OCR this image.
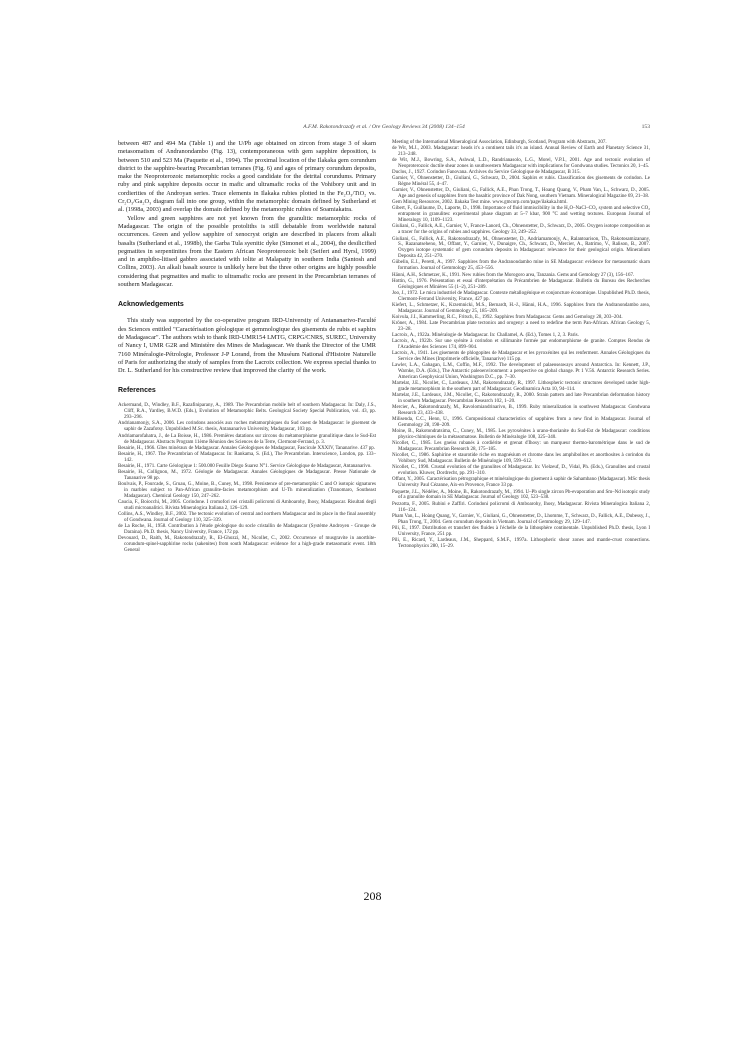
A.F.M. Rakotondrazafy et al. / Ore Geology Reviews 34 (2008) 134–154	153

between 487 and 494 Ma (Table 1) and the U/Pb age obtained on zircon from stage 3 of skarn metasomatism of Andranondambo (Fig. 13), contemporaneous with gem sapphire deposition, is between 510 and 523 Ma (Paquette et al., 1994). The proximal location of the Ilakaka gem corundum district to the sapphire-bearing Precambrian terranes (Fig. 6) and ages of primary corundum deposits, make the Neoproterozoic metamorphic rocks a good candidate for the detrital corundums. Primary ruby and pink sapphire deposits occur in mafic and ultramafic rocks of the Vohibory unit and in cordierities of the Androyan series. Trace elements in Ilakaka rubies plotted in the Fe₂O₃/TiO₂ vs. Cr₂O₃/Ga₂O₃ diagram fall into one group, within the metamorphic domain defined by Sutherland et al. (1998a, 2003) and overlap the domain defined by the metamorphic rubies of Soamiakatra.

Yellow and green sapphires are not yet known from the granulitic metamorphic rocks of Madagascar. The origin of the possible protoliths is still debatable from worldwide natural occurrences. Green and yellow sapphire of xenocryst origin are described in placers from alkali basalts (Sutherland et al., 1998b), the Garba Tula syenitic dyke (Simonet et al., 2004), the desilicified pegmatites in serpentinites from the Eastern African Neoproterozoic belt (Seifert and Hyrsl, 1999) and in amphibo-litised gabbro associated with iolite at Malapatty in southern India (Santosh and Collins, 2003). An alkali basalt source is unlikely here but the three other origins are highly possible considering that pegmatites and mafic to ultramafic rocks are present in the Precambrian terranes of southern Madagascar.

Acknowledgements

This study was supported by the co-operative program IRD-University of Antananarivo-Faculté des Sciences entitled "Caractérisation géologique et gemmologique des gisements de rubis et saphirs de Madagascar". The authors wish to thank IRD-UMR154 LMTG, CRPG/CNRS, SUREC, University of Nancy I, UMR G2R and Ministère des Mines de Madagascar. We thank the Director of the UMR 7160 Minéralogie-Pétrologie, Professor J-P Lorand, from the Muséum National d'Histoire Naturelle of Paris for authorizing the study of samples from the Lacroix collection. We express special thanks to Dr. L. Sutherland for his constructive review that improved the clarity of the work.

References

Ackermand, D., Windley, B.F., Razafiniparany, A., 1989. The Precambrian mobile belt of southern Madagascar. In: Daly, J.S., Cliff, R.A., Yardley, B.W.D. (Eds.), Evolution of Metamorphic Belts. Geological Society Special Publication, vol. 43, pp. 293–296.

Andrianamonjy, S.A., 2006. Les corindons associés aux roches métamorphiques du Sud ouest de Madagascar: le gisement de saphir de Zazafotsy. Unpublished M.Sc. thesis, Antananarivo University, Madagascar, 103 pp.

Andriamarofahatra, J., de La Boisse, H., 1986. Premières datations sur zircons du métamorphisme granulitique dans le Sud-Est de Madagascar. Abstracts Program 11ème Réunion des Sciences de la Terre, Clermont-Ferrand, p. 3.

Besairie, H., 1966. Gîtes minéraux de Madagascar. Annales Géologiques de Madagascar, Fascicule XXXIV, Tananarive. 437 pp.

Besairie, H., 1967. The Precambrian of Madagascar. In: Rankama, S. (Ed.), The Precambrian. Interscience, London, pp. 133–142.

Besairie, H., 1971. Carte Géologique 1: 500.000 Feuille Diego Suarez N°1. Service Géologique de Madagascar, Antananarivo.

Besairie, H., Collignon, M., 1972. Géologie de Madagascar. Annales Géologiques de Madagascar. Presse Nationale de Tananarive 98 pp.

Boulvais, P., Fourcade, S., Gruau, G., Moine, B., Cuney, M., 1998. Persistence of pre-metamorphic C and O isotopic signatures in marbles subject to Pan-African granulite-facies metamorphism and U-Th mineralization (Tranomaro, Southeast Madagascar). Chemical Geology 150, 247–262.

Caucia, F., Boiocchi, M., 2005. Corindone. I cromofori nei cristalli policromi di Amboarohy, Ihosy, Madagascar. Risultati degli studi microanalitici. Rivista Mineralogica Italiana 2, 126–129.

Collins, A.S., Windley, B.F., 2002. The tectonic evolution of central and northern Madagascar and its place in the final assembly of Gondwana. Journal of Geology 110, 325–339.

de La Roche, H., 1958. Contribution à l'étude géologique du socle cristallin de Madagascar (Système Androyen - Groupe de Daraina). Ph.D. thesis, Nancy University, France, 172 pp.

Devouard, D., Raith, M., Rakotondrazafy, R., El-Ghozzi, M., Nicollet, C., 2002. Occurrence of musgravite in anorthite-corundum-spinel-sapphirine rocks (sakenites) from south Madagascar: evidence for a high-grade metasomatic event. 18th General

Meeting of the International Mineralogical Association, Edinburgh, Scotland, Program with Abstracts, 207.

de Wit, M.J., 2003. Madagascar: heads it's a continent tails it's an island. Annual Review of Earth and Planetary Science 31, 213–248.

de Wit, M.J., Bowring, S.A., Ashwal, L.D., Randrianasolo, L.G., Morel, V.P.I., 2001. Age and tectonic evolution of Neoproterozoic ductile shear zones in southwestern Madagascar with implications for Gondwana studies. Tectonics 20, 1–45.

Duclos, J., 1927. Corindon Fanovana. Archives du Service Géologique de Madagascar, B 315.

Garnier, V., Ohnenstetter, D., Giuliani, G., Schwarz, D., 2004. Saphirs et rubis. Classification des gisements de corindon. Le Règne Minéral 55, 4–47.

Garnier, V., Ohnenstetter, D., Giuliani, G., Fallick, A.E., Phan Trong, T., Hoang Quang, V., Pham Van, L., Schwarz, D., 2005. Age and genesis of sapphires from the basaltic province of Dak Nong, southern Vietnam. Mineralogical Magazine 69, 21–38.

Gem Mining Resources, 2002. Ilakaka Test mine. www.gmcorp.com/page/ilakaka.html.

Gibert, F., Guillaume, D., Laporte, D., 1998. Importance of fluid immiscibility in the H₂O–NaCl–CO₂ system and selective CO₂ entrapment in granulites: experimental phase diagram at 5–7 kbar, 900 °C and wetting textures. European Journal of Mineralogy 10, 1109–1123.

Giuliani, G., Fallick, A.E., Garnier, V., France-Lanord, Ch., Ohnenstetter, D., Schwarz, D., 2005. Oxygen isotope composition as a tracer for the origins of rubies and sapphires. Geology 33, 249–252.

Giuliani, G., Fallick, A.E., Rakotondrazafy, M., Ohnenstetter, D., Andriamamonjy, A., Ralantoarison, Th., Rakotosamizanany, S., Razanatseheno, M., Offant, Y., Garnier, V., Dunaigre, Ch., Schwarz, D., Mercier, A., Ratrimo, V., Ralison, B., 2007. Oxygen isotope systematic of gem corundum deposits in Madagascar: relevance for their geological origin. Mineralium Deposita 42, 251–270.

Gübelin, E.J., Peretti, A., 1997. Sapphires from the Andranondambo mine in SE Madagascar: evidence for metasomatic skarn formation. Journal of Gemmology 25, 453–556.

Hänni, A.H., Schmetzer, K., 1991. New rubies from the Morogoro area, Tanzania. Gems and Gemology 27 (3), 156–167.

Hottin, G., 1976. Présentation et essai d'interprétation du Précambrien de Madagascar. Bulletin du Bureau des Recherches Géologiques et Minières 55 (1–2), 251–289.

Joo, J., 1972. Le mica industriel de Madagascar. Contexte métallogénique et conjoncture économique. Unpublished Ph.D. thesis, Clermont-Ferrand University, France, 427 pp.

Kiefert, L., Schmetzer, K., Krzemnicki, M.S., Bernardt, H.-J., Hänni, H.A., 1996. Sapphires from the Andranondambo area, Madagascar. Journal of Gemmology 25, 185–209.

Koivula, J.I., Kammerling, R.C., Fritsch, E., 1992. Sapphires from Madagascar. Gems and Gemology 28, 203–204.

Kröner, A., 1984. Late Precambrian plate tectonics and orogeny: a need to redefine the term Pan-African. African Geology 5, 23–28.

Lacroix, A., 1922a. Minéralogie de Madagascar. In: Challamel, A. (Ed.), Tomes 1, 2, 3. Paris.

Lacroix, A., 1922b. Sur une syénite à corindon et sillimanite formée par endomorphisme de granite. Comptes Rendus de l'Académie des Sciences 174, 899–904.

Lacroix, A., 1941. Les gisements de phlogopites de Madagascar et les pyroxénites qui les renferment. Annales Géologiques du Service des Mines (Imprimerie officielle, Tananarive) 115 pp.

Lawler, L.A., Gahagan, L.M., Coffin, M.F., 1992. The development of palaeoseaways around Antarctica. In: Kennett, J.P., Warnke, D.A. (Eds.), The Antarctic paleoenvironment: a perspective on global change. Pt 1 V.56. Antarctic Research Series. American Geophysical Union, Washington D.C., pp. 7–30.

Martelat, J.E., Nicollet, C., Lardeaux, J.M., Rakotondrazafy, R., 1997. Lithospheric tectonic structures developed under high-grade metamorphism in the southern part of Madagascar. Geodinamica Acta 10, 94–114.

Martelat, J.E., Lardeaux, J.M., Nicollet, C., Rakotondrazafy, R., 2000. Strain pattern and late Precambrian deformation history in southern Madagascar. Precambrian Research 102, 1–20.

Mercier, A., Rakotondrazafy, M., Ravolomiandrinarivo, B., 1999. Ruby mineralization in southwest Madagascar. Gondwana Research 23, 433–438.

Milisenda, C.C., Henn, U., 1996. Compositional characteristics of sapphires from a new find in Madagascar. Journal of Gemmology 28, 198–209.

Moine, B., Rakotondratsima, C., Cuney, M., 1985. Les pyroxénites à urano-thorianite du Sud-Est de Madagascar: conditions physico-chimiques de la métasomatose. Bulletin de Minéralogie 108, 325–340.

Nicollet, C., 1985. Les gneiss rubanés à cordiérite et grenat d'Ihosy: un marqueur thermo-barométrique dans le sud de Madagascar. Precambrian Research 28, 175–185.

Nicollet, C., 1986. Saphirine et staurotide riche en magnésium et chrome dans les amphibolites et anorthosites à corindon du Vohibory Sud, Madagascar. Bulletin de Minéralogie 109, 599–612.

Nicollet, C., 1990. Crustal evolution of the granulites of Madagascar. In: Vielzeuf, D., Vidal, Ph. (Eds.), Granulites and crustal evolution. Kluwer, Dordrecht, pp. 291–310.

Offant, Y., 2005. Caractérisation pétrographique et minéralogique du gisement à saphir de Sahambano (Madagascar). MSc thesis University Paul Cézanne, Aix-en Provence, France 33 pp.

Paquette, J.L., Nédélec, A., Moine, B., Rakotondrazafy, M., 1994. U–Pb single zircon Pb-evaporation and Sm–Nd isotopic study of a granulite domain in SE Madagascar. Journal of Geology 102, 523–538.

Pezzotta, F., 2005. Rubini e Zaffiri. Corindoni policromi di Amboarohy, Ihosy, Madagascar. Rivista Mineralogica Italiana 2, 116–124.

Pham Van, L., Hoàng Quang, V., Garnier, V., Giuliani, G., Ohnenstetter, D., Lhomme, T., Schwarz, D., Fallick, A.E., Dubessy, J., Phan Trong, T., 2004. Gem corundum deposits in Vietnam. Journal of Gemmology 29, 129–147.

Pili, E., 1997. Distribution et transfert des fluides à l'échelle de la lithosphère continentale. Unpublished Ph.D. thesis, Lyon I University, France, 251 pp.

Pili, E., Ricard, Y., Lardeaux, J.M., Sheppard, S.M.F., 1997a. Lithospheric shear zones and mantle-crust connections. Tectonophysics 280, 15–29.

208
